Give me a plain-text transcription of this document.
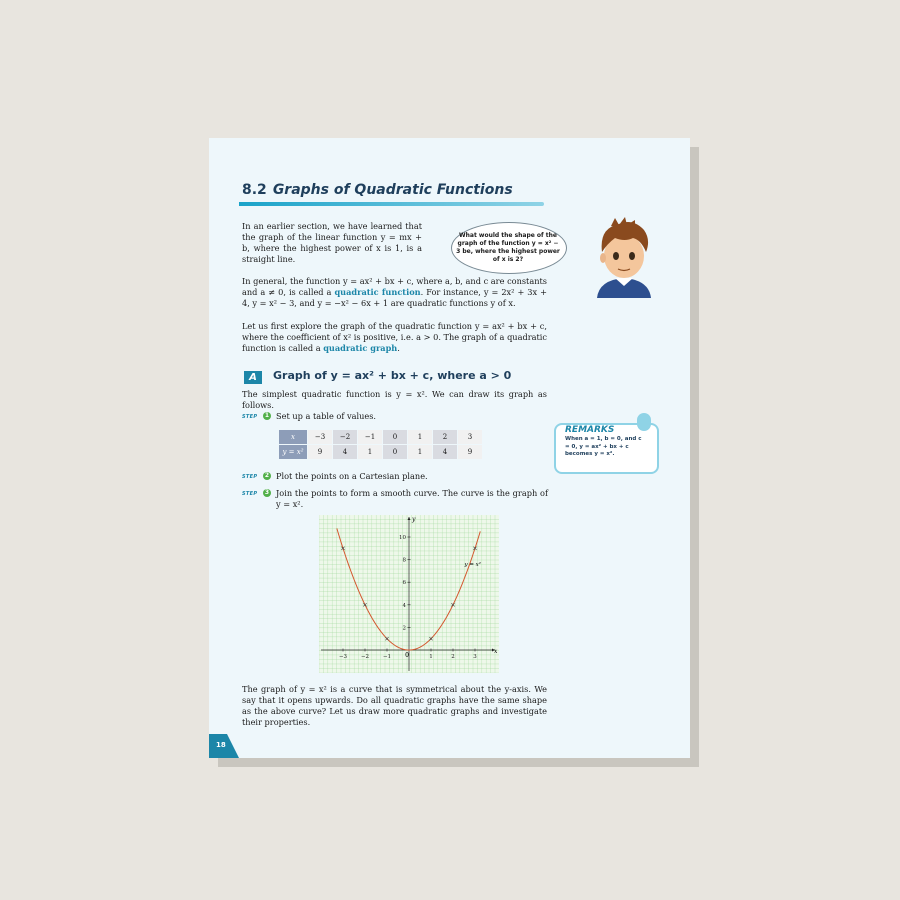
8.2 Graphs of Quadratic Functions

In an earlier section, we have learned that the graph of the linear function y = mx + b, where the highest power of x is 1, is a straight line.

What would the shape of the graph of the function y = x² − 3 be, where the highest power of x is 2?

In general, the function y = ax² + bx + c, where a, b, and c are constants and a ≠ 0, is called a quadratic function. For instance, y = 2x² + 3x + 4, y = x² − 3, and y = −x² − 6x + 1 are quadratic functions y of x.

Let us first explore the graph of the quadratic function y = ax² + bx + c, where the coefficient of x² is positive, i.e. a > 0. The graph of a quadratic function is called a quadratic graph.

A	Graph of y = ax² + bx + c, where a > 0

The simplest quadratic function is y = x². We can draw its graph as follows.

STEP	1 Set up a table of values.

x	−3	−2	−1	0	1	2	3
y = x²	9	4	1	0	1	4	9
REMARKS
When a = 1, b = 0, and c = 0, y = ax² + bx + c becomes y = x².
STEP	2 Plot the points on a Cartesian plane.

STEP	3 Join the points to form a smooth curve. The curve is the graph of y = x².

−3	−2	−1	1	2	3
2
4
6
8
10
y = x²
x
y
0

The graph of y = x² is a curve that is symmetrical about the y-axis. We say that it opens upwards. Do all quadratic graphs have the same shape as the above curve? Let us draw more quadratic graphs and investigate their properties.

18
